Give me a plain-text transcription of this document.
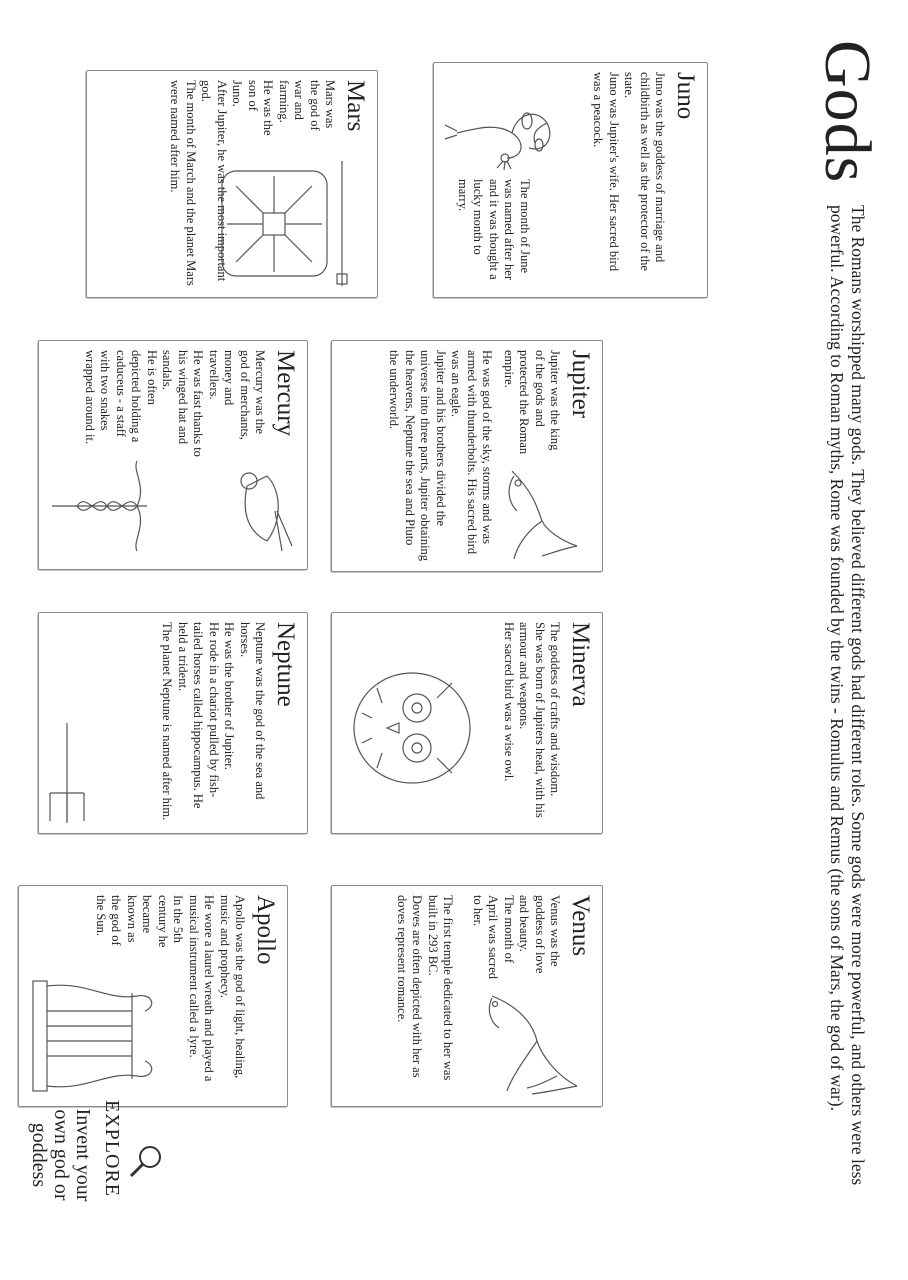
Gods

The Romans worshipped many gods. They believed different gods had different roles. Some gods were more powerful, and others were less powerful. According to Roman myths, Rome was founded by the twins - Romulus and Remus (the sons of Mars, the god of war).

Juno

Juno was the goddess of marriage and childbirth as well as the protector of the state.

Juno was Jupiter's wife. Her sacred bird was a peacock.

The month of June was named after her and it was thought a lucky month to marry.

Jupiter

Jupiter was the king of the gods and protected the Roman empire.

He was god of the sky, storms and was armed with thunderbolts. His sacred bird was an eagle.

Jupiter and his brothers divided the universe into three parts, Jupiter obtaining the heavens, Neptune the sea and Pluto the underworld.

Minerva

The goddess of crafts and wisdom.

She was born of Jupiters head, with his armour and weapons.

Her sacred bird was a wise owl.

Venus

Venus was the goddess of love and beauty.

The month of April was sacred to her.

The first temple dedicated to her was built in 293 BC.

Doves are often depicted with her as doves represent romance.

Mars

Mars was the god of war and farming.

He was the son of Juno.

After Jupiter, he was the most important god.

The month of March and the planet Mars were named after him.

Mercury

Mercury was the god of merchants, money and travellers.

He was fast thanks to his winged hat and sandals.

He is often depicted holding a caduceus - a staff with two snakes wrapped around it.

Neptune

Neptune was the god of the sea and horses.

He was the brother of Jupiter.

He rode in a chariot pulled by fish-tailed horses called hippocampus. He held a trident.

The planet Neptune is named after him.

Apollo

Apollo was the god of light, healing, music and prophecy.

He wore a laurel wreath and played a musical instrument called a lyre.

In the 5th century he became known as the god of the Sun.

EXPLORE
Invent your own god or goddess
